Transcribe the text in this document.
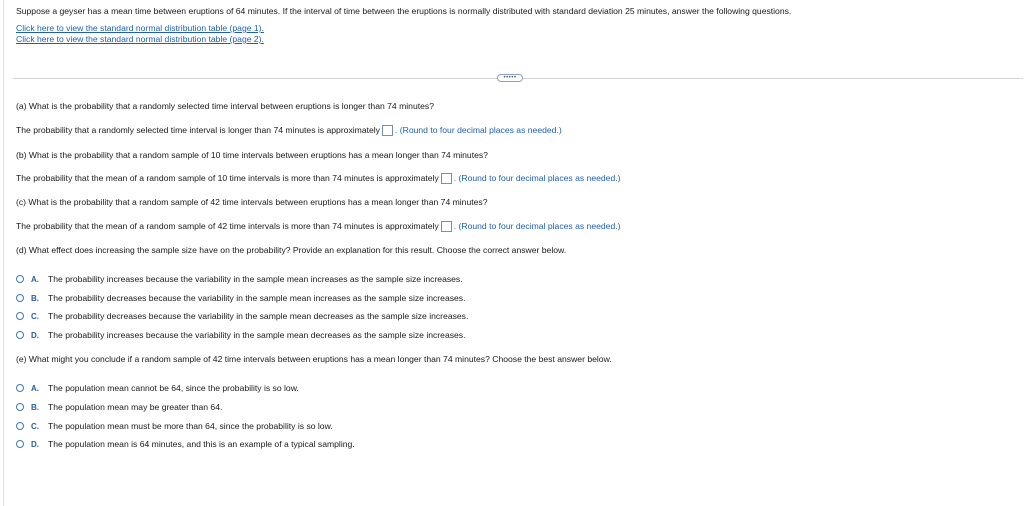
Suppose a geyser has a mean time between eruptions of 64 minutes. If the interval of time between the eruptions is normally distributed with standard deviation 25 minutes, answer the following questions.
Click here to view the standard normal distribution table (page 1).
Click here to view the standard normal distribution table (page 2).
•••••
(a) What is the probability that a randomly selected time interval between eruptions is longer than 74 minutes?
The probability that a randomly selected time interval is longer than 74 minutes is approximately . (Round to four decimal places as needed.)
(b) What is the probability that a random sample of 10 time intervals between eruptions has a mean longer than 74 minutes?
The probability that the mean of a random sample of 10 time intervals is more than 74 minutes is approximately . (Round to four decimal places as needed.)
(c) What is the probability that a random sample of 42 time intervals between eruptions has a mean longer than 74 minutes?
The probability that the mean of a random sample of 42 time intervals is more than 74 minutes is approximately . (Round to four decimal places as needed.)
(d) What effect does increasing the sample size have on the probability? Provide an explanation for this result. Choose the correct answer below.
A.	The probability increases because the variability in the sample mean increases as the sample size increases.
B.	The probability decreases because the variability in the sample mean increases as the sample size increases.
C.	The probability decreases because the variability in the sample mean decreases as the sample size increases.
D.	The probability increases because the variability in the sample mean decreases as the sample size increases.
(e) What might you conclude if a random sample of 42 time intervals between eruptions has a mean longer than 74 minutes? Choose the best answer below.
A.	The population mean cannot be 64, since the probability is so low.
B.	The population mean may be greater than 64.
C.	The population mean must be more than 64, since the probability is so low.
D.	The population mean is 64 minutes, and this is an example of a typical sampling.
